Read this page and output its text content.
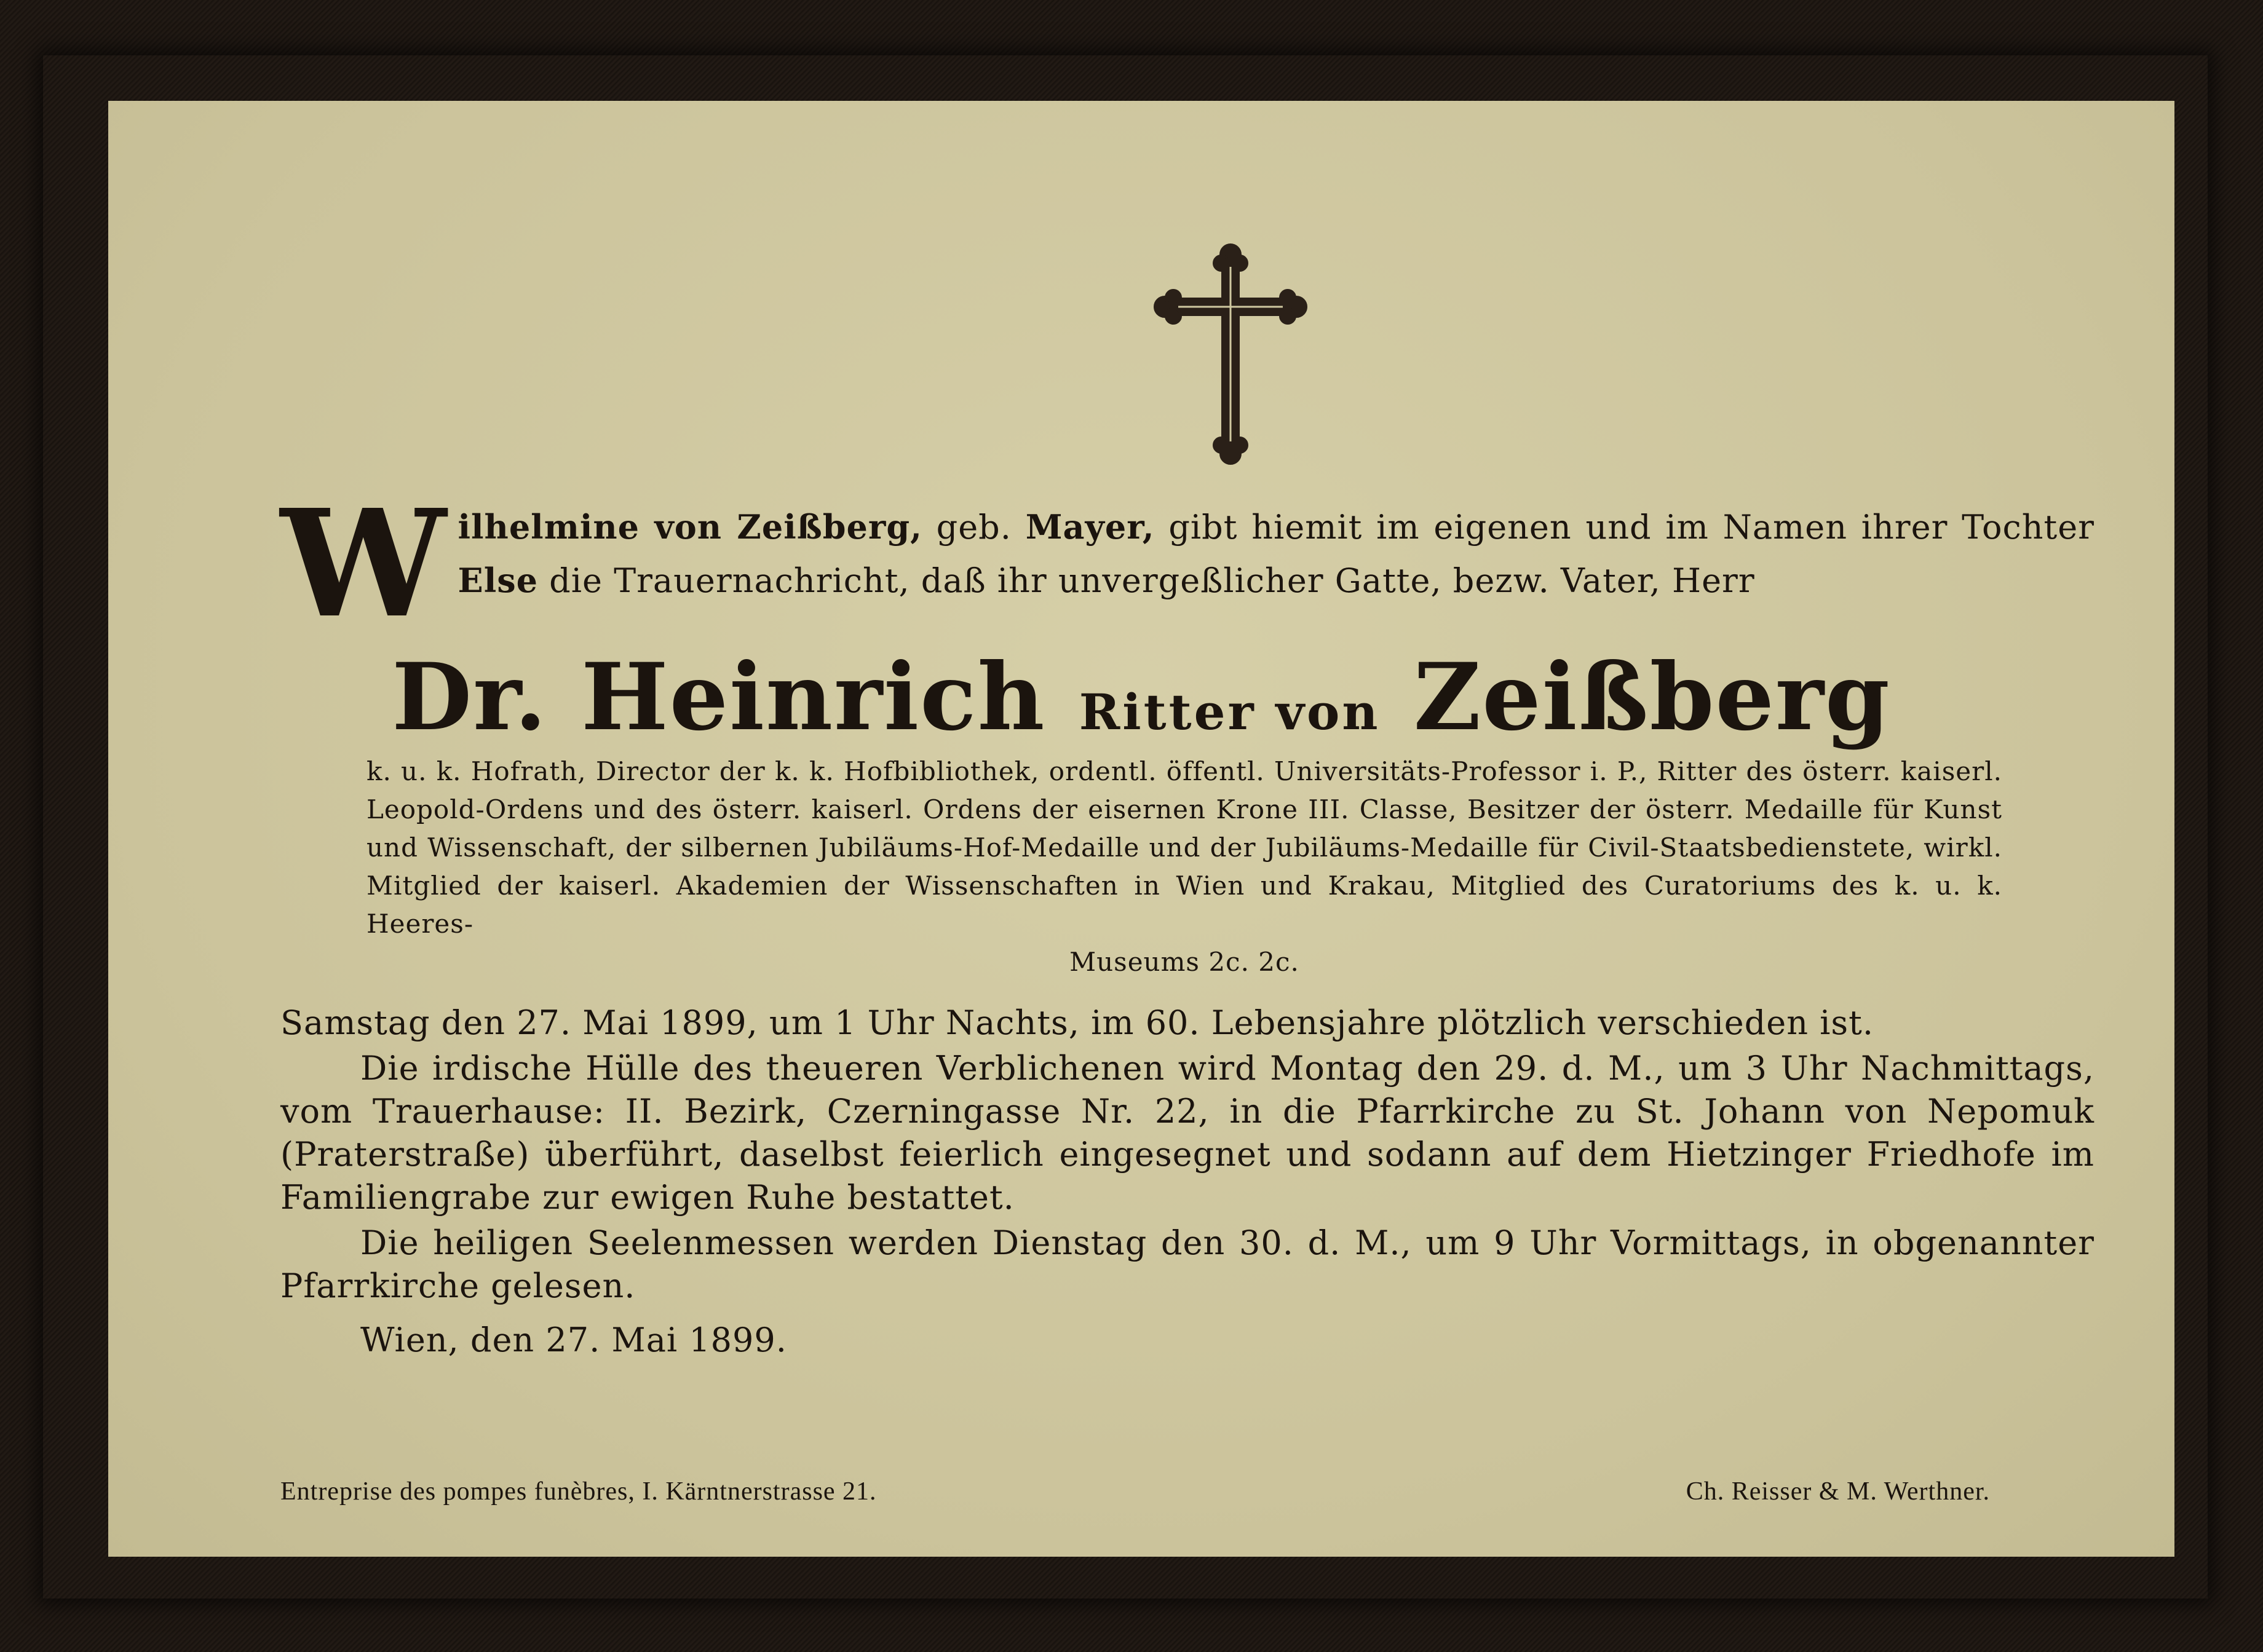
W ilhelmine von Zeißberg, geb. Mayer, gibt hiemit im eigenen und im Namen ihrer Tochter Else die Trauernachricht, daß ihr unvergeßlicher Gatte, bezw. Vater, Herr
Dr. Heinrich Ritter von Zeißberg
k. u. k. Hofrath, Director der k. k. Hofbibliothek, ordentl. öffentl. Universitäts-Professor i. P., Ritter des österr. kaiserl. Leopold-Ordens und des österr. kaiserl. Ordens der eisernen Krone III. Classe, Besitzer der österr. Medaille für Kunst und Wissenschaft, der silbernen Jubiläums-Hof-Medaille und der Jubiläums-Medaille für Civil-Staatsbedienstete, wirkl. Mitglied der kaiserl. Akademien der Wissenschaften in Wien und Krakau, Mitglied des Curatoriums des k. u. k. Heeres-
Museums 2c. 2c.

Samstag den 27. Mai 1899, um 1 Uhr Nachts, im 60. Lebensjahre plötzlich verschieden ist.

Die irdische Hülle des theueren Verblichenen wird Montag den 29. d. M., um 3 Uhr Nachmittags, vom Trauerhause: II. Bezirk, Czerningasse Nr. 22, in die Pfarrkirche zu St. Johann von Nepomuk (Praterstraße) überführt, daselbst feierlich eingesegnet und sodann auf dem Hietzinger Friedhofe im Familiengrabe zur ewigen Ruhe bestattet.

Die heiligen Seelenmessen werden Dienstag den 30. d. M., um 9 Uhr Vormittags, in obgenannter Pfarrkirche gelesen.

Wien, den 27. Mai 1899.

Entreprise des pompes funèbres, I. Kärntnerstrasse 21.	Ch. Reisser & M. Werthner.
